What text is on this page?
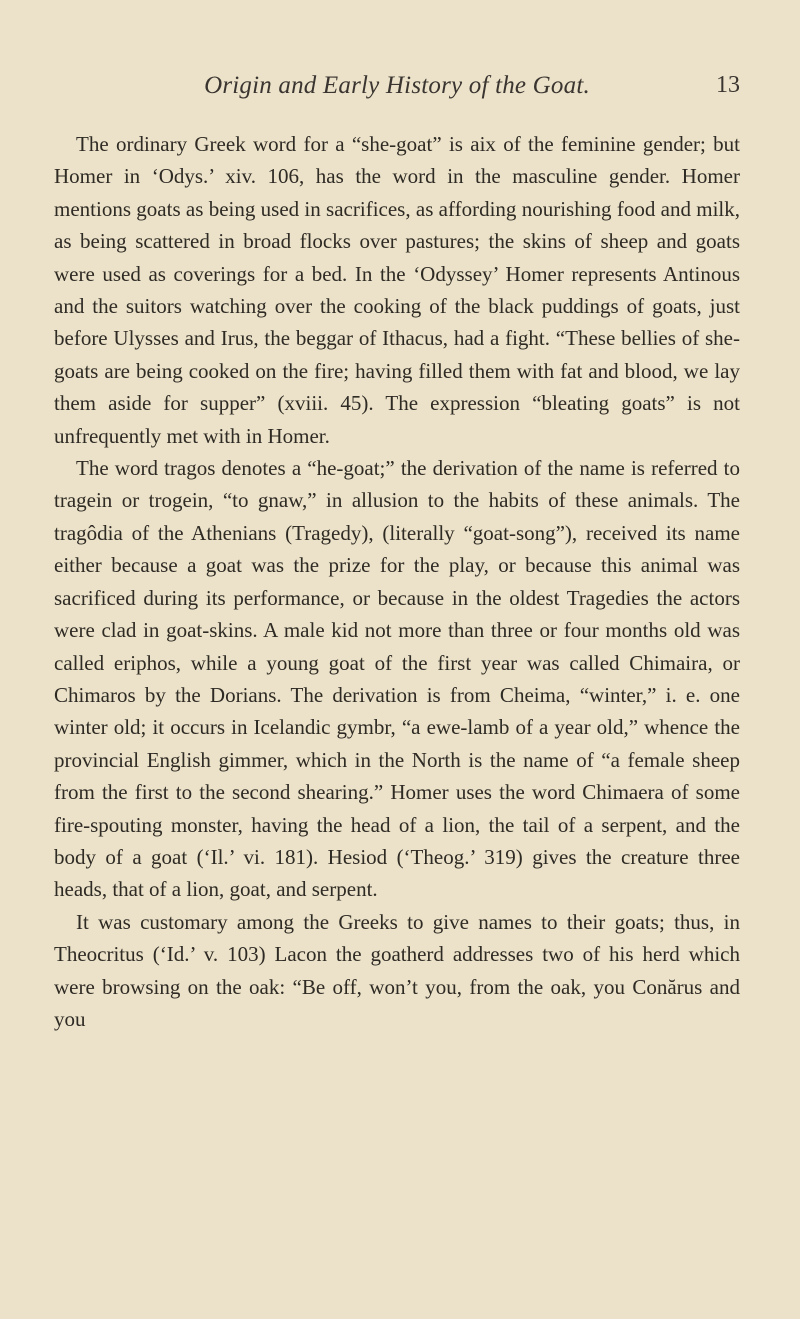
Origin and Early History of the Goat.	13

The ordinary Greek word for a “she-goat” is aix of the feminine gender; but Homer in ‘Odys.’ xiv. 106, has the word in the masculine gender. Homer mentions goats as being used in sacrifices, as affording nourishing food and milk, as being scattered in broad flocks over pastures; the skins of sheep and goats were used as coverings for a bed. In the ‘Odyssey’ Homer represents Antinous and the suitors watching over the cooking of the black puddings of goats, just before Ulysses and Irus, the beggar of Ithacus, had a fight. “These bellies of she-goats are being cooked on the fire; having filled them with fat and blood, we lay them aside for supper” (xviii. 45). The expression “bleating goats” is not unfrequently met with in Homer.

The word tragos denotes a “he-goat;” the derivation of the name is referred to tragein or trogein, “to gnaw,” in allusion to the habits of these animals. The tragôdia of the Athenians (Tragedy), (literally “goat-song”), received its name either because a goat was the prize for the play, or because this animal was sacrificed during its performance, or because in the oldest Tragedies the actors were clad in goat-skins. A male kid not more than three or four months old was called eriphos, while a young goat of the first year was called Chimaira, or Chimaros by the Dorians. The derivation is from Cheima, “winter,” i. e. one winter old; it occurs in Icelandic gymbr, “a ewe-lamb of a year old,” whence the provincial English gimmer, which in the North is the name of “a female sheep from the first to the second shearing.” Homer uses the word Chimaera of some fire-spouting monster, having the head of a lion, the tail of a serpent, and the body of a goat (‘Il.’ vi. 181). Hesiod (‘Theog.’ 319) gives the creature three heads, that of a lion, goat, and serpent.

It was customary among the Greeks to give names to their goats; thus, in Theocritus (‘Id.’ v. 103) Lacon the goatherd addresses two of his herd which were browsing on the oak: “Be off, won’t you, from the oak, you Conărus and you
